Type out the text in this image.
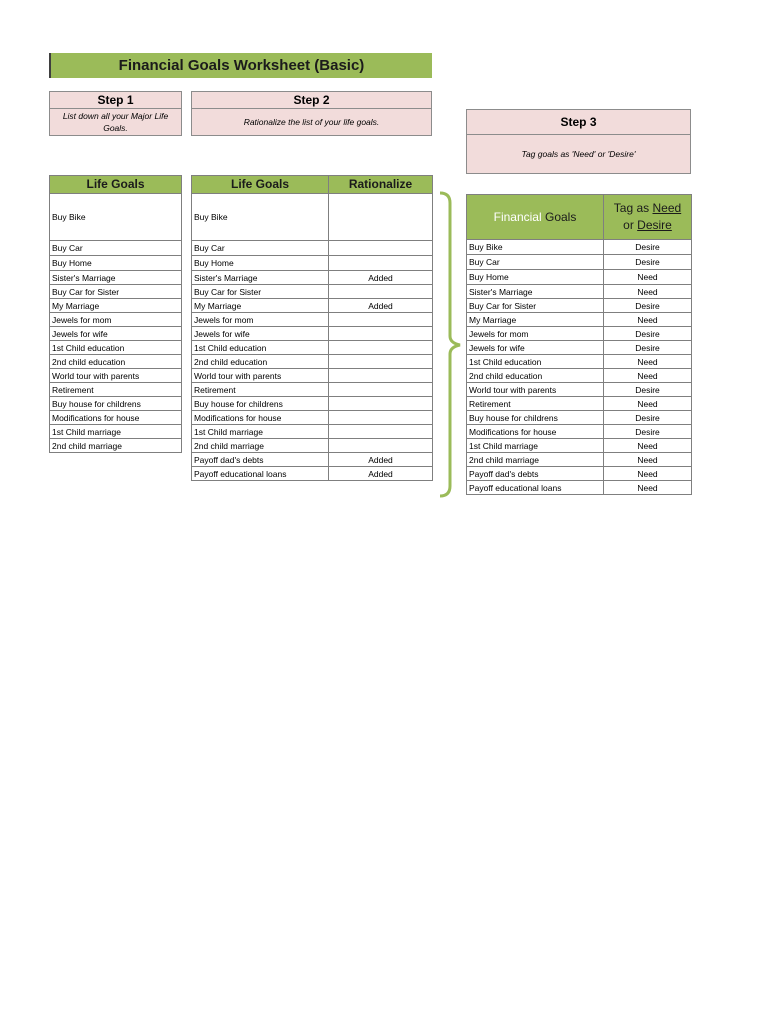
Financial Goals Worksheet (Basic)
Step 1
List down all your Major Life Goals.
Step 2
Rationalize the list of your life goals.	Step 3
Tag goals as 'Need' or 'Desire'
Life Goals
Buy Bike
Buy Car
Buy Home
Sister's Marriage
Buy Car for Sister
My Marriage
Jewels for mom
Jewels for wife
1st Child education
2nd child education
World tour with parents
Retirement
Buy house for childrens
Modifications for house
1st Child marriage
2nd child marriage
Life Goals	Rationalize
Buy Bike	
Buy Car	
Buy Home	
Sister's Marriage	Added
Buy Car for Sister	
My Marriage	Added
Jewels for mom	
Jewels for wife	
1st Child education	
2nd child education	
World tour with parents	
Retirement	
Buy house for childrens	
Modifications for house	
1st Child marriage	
2nd child marriage	
Payoff dad's debts	Added
Payoff educational loans	Added
Financial Goals	Tag as Need
or Desire
Buy Bike	Desire
Buy Car	Desire
Buy Home	Need
Sister's Marriage	Need
Buy Car for Sister	Desire
My Marriage	Need
Jewels for mom	Desire
Jewels for wife	Desire
1st Child education	Need
2nd child education	Need
World tour with parents	Desire
Retirement	Need
Buy house for childrens	Desire
Modifications for house	Desire
1st Child marriage	Need
2nd child marriage	Need
Payoff dad's debts	Need
Payoff educational loans	Need
